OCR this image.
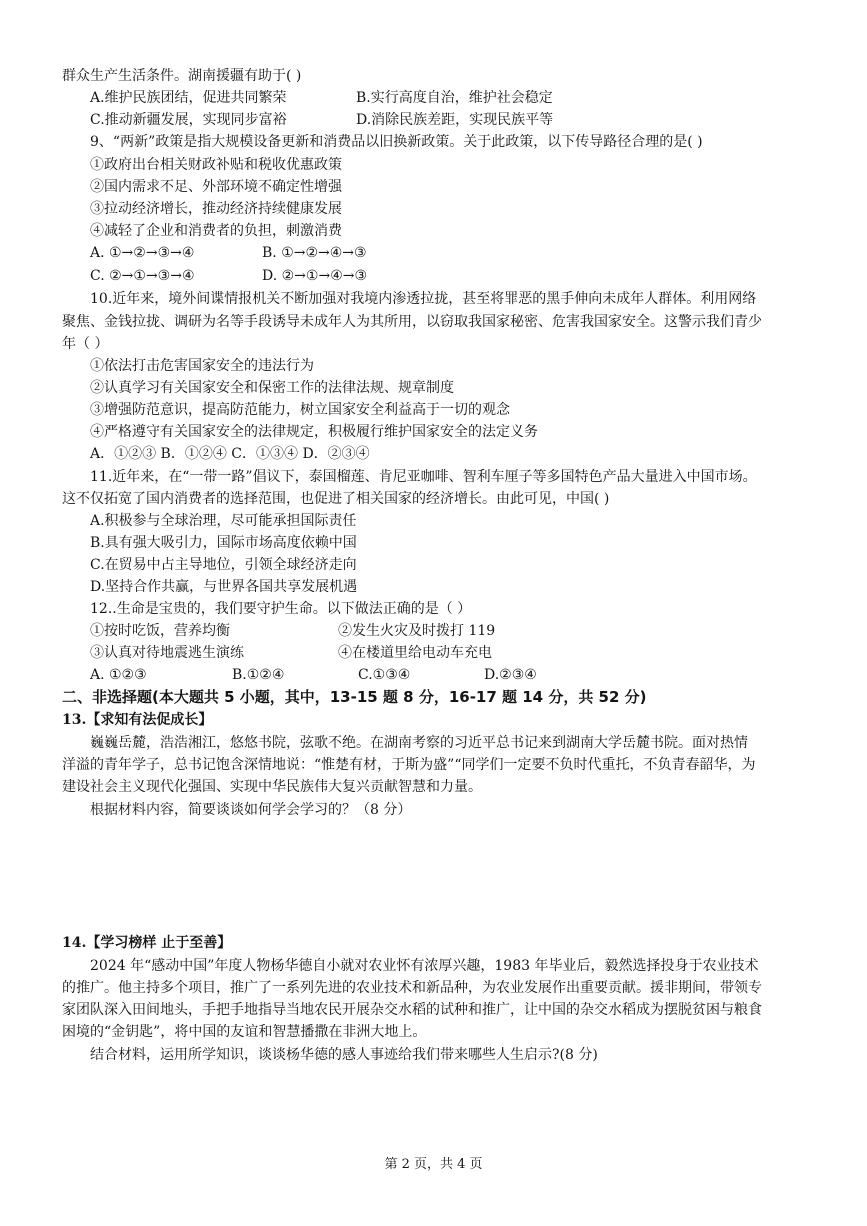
群众生产生活条件。湖南援疆有助于( )
A.维护民族团结，促进共同繁荣	B.实行高度自治，维护社会稳定
C.推动新疆发展，实现同步富裕	D.消除民族差距，实现民族平等
9、“两新”政策是指大规模设备更新和消费品以旧换新政策。关于此政策，以下传导路径合理的是( )
①政府出台相关财政补贴和税收优惠政策
②国内需求不足、外部环境不确定性增强
③拉动经济增长，推动经济持续健康发展
④减轻了企业和消费者的负担，刺激消费
A. ①→②→③→④	B. ①→②→④→③
C. ②→①→③→④	D. ②→①→④→③
10.近年来，境外间谍情报机关不断加强对我境内渗透拉拢，甚至将罪恶的黑手伸向未成年人群体。利用网络
聚焦、金钱拉拢、调研为名等手段诱导未成年人为其所用，以窃取我国家秘密、危害我国家安全。这警示我们青少
年（ ）
①依法打击危害国家安全的违法行为
②认真学习有关国家安全和保密工作的法律法规、规章制度
③增强防范意识，提高防范能力，树立国家安全利益高于一切的观念
④严格遵守有关国家安全的法律规定，积极履行维护国家安全的法定义务
A．①②③ B．①②④ C．①③④ D．②③④
11.近年来，在“一带一路”倡议下，泰国榴莲、肯尼亚咖啡、智利车厘子等多国特色产品大量进入中国市场。
这不仅拓宽了国内消费者的选择范围，也促进了相关国家的经济增长。由此可见，中国( )
A.积极参与全球治理，尽可能承担国际责任
B.具有强大吸引力，国际市场高度依赖中国
C.在贸易中占主导地位，引领全球经济走向
D.坚持合作共赢，与世界各国共享发展机遇
12..生命是宝贵的，我们要守护生命。以下做法正确的是（ ）
①按时吃饭，营养均衡	②发生火灾及时拨打 119
③认真对待地震逃生演练	④在楼道里给电动车充电
A. ①②③	B.①②④	C.①③④	D.②③④
二、非选择题(本大题共 5 小题，其中，13-15 题 8 分，16-17 题 14 分，共 52 分)
13.【求知有法促成长】
巍巍岳麓，浩浩湘江，悠悠书院，弦歌不绝。在湖南考察的习近平总书记来到湖南大学岳麓书院。面对热情
洋溢的青年学子，总书记饱含深情地说：“惟楚有材，于斯为盛”“同学们一定要不负时代重托，不负青春韶华，为
建设社会主义现代化强国、实现中华民族伟大复兴贡献智慧和力量。
根据材料内容，简要谈谈如何学会学习的？（8 分）
14.【学习榜样 止于至善】
2024 年“感动中国”年度人物杨华德自小就对农业怀有浓厚兴趣，1983 年毕业后，毅然选择投身于农业技术
的推广。他主持多个项目，推广了一系列先进的农业技术和新品种，为农业发展作出重要贡献。援非期间，带领专
家团队深入田间地头，手把手地指导当地农民开展杂交水稻的试种和推广，让中国的杂交水稻成为摆脱贫困与粮食
困境的“金钥匙”，将中国的友谊和智慧播撒在非洲大地上。
结合材料，运用所学知识，谈谈杨华德的感人事迹给我们带来哪些人生启示?(8 分)
第 2 页，共 4 页
